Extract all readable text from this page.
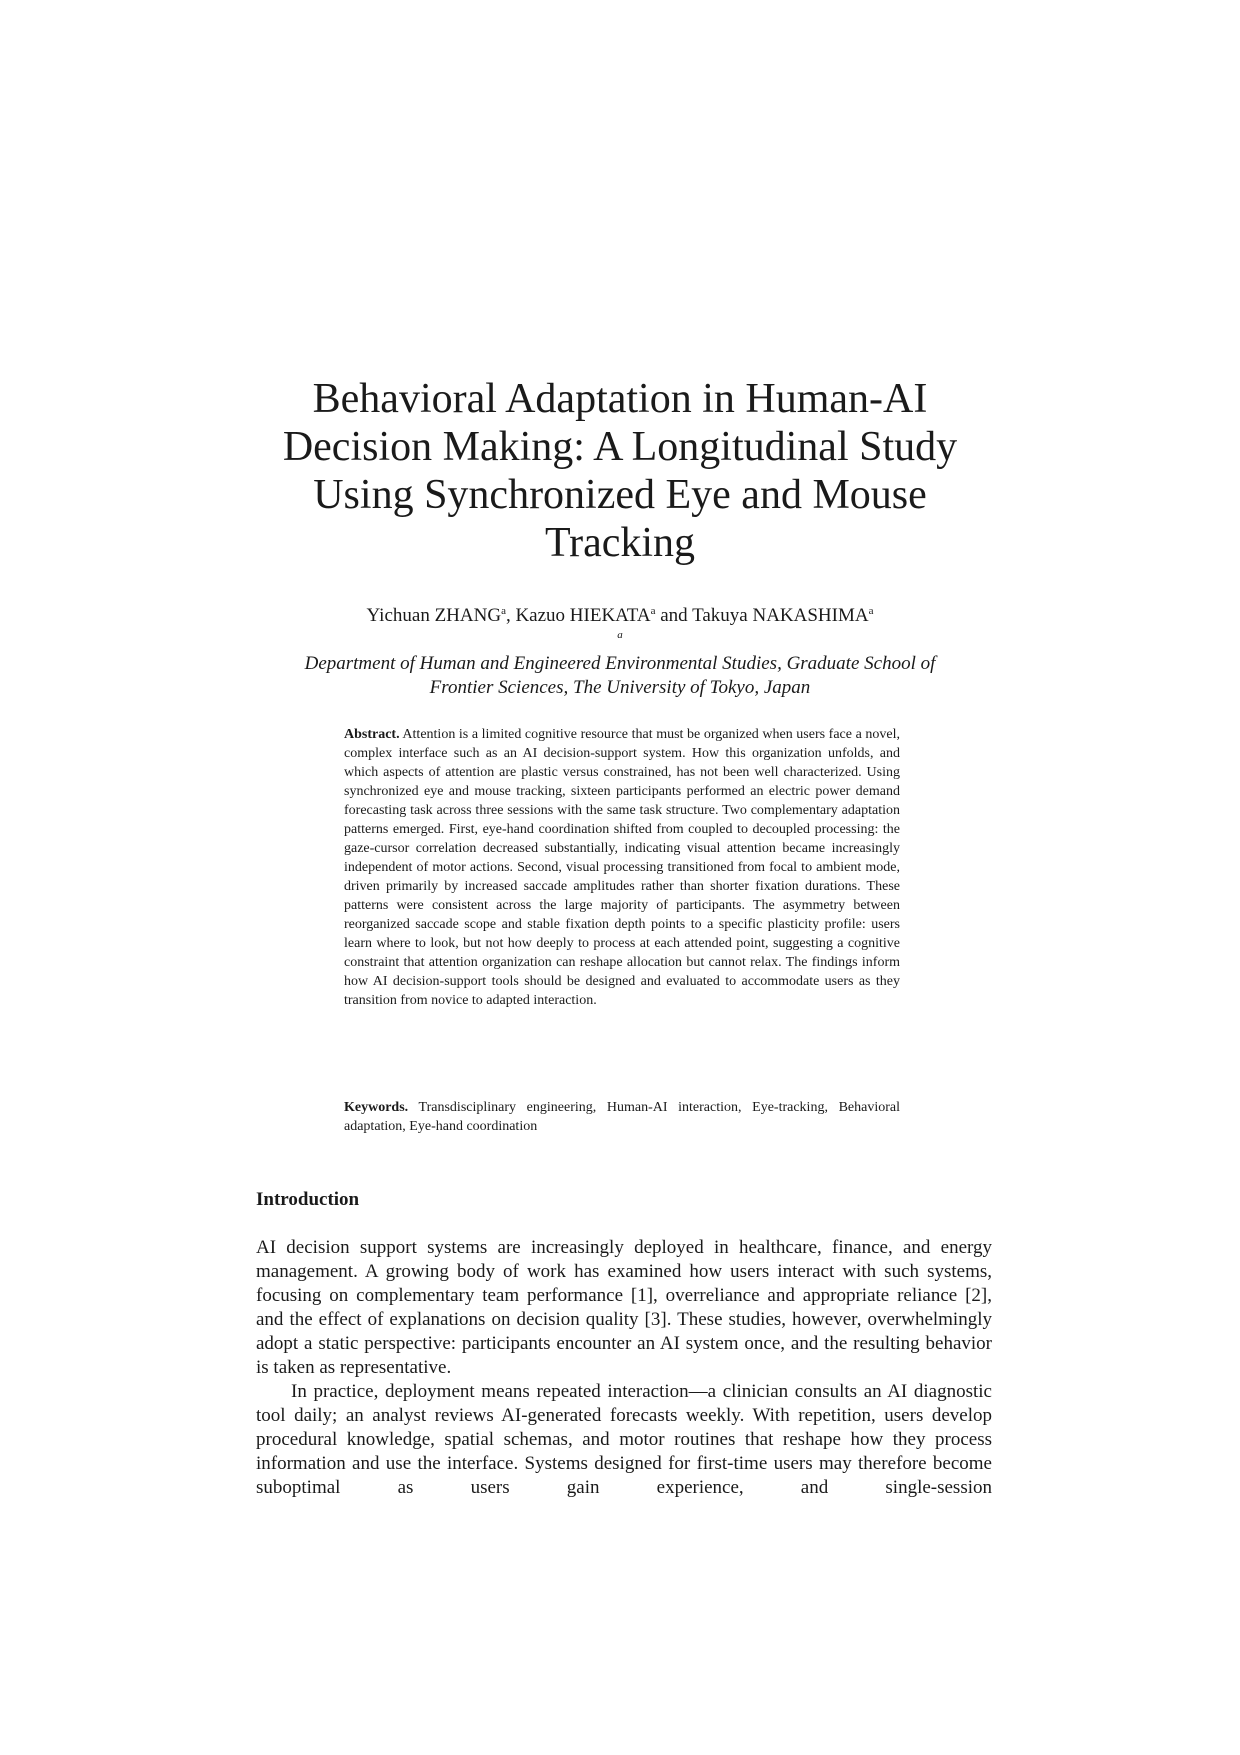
Behavioral Adaptation in Human-AI
Decision Making: A Longitudinal Study
Using Synchronized Eye and Mouse
Tracking
Yichuan ZHANG$^a$, Kazuo HIEKATA$^a$ and Takuya NAKASHIMA$^a$
$^a$
Department of Human and Engineered Environmental Studies, Graduate School of
Frontier Sciences, The University of Tokyo, Japan
Abstract. Attention is a limited cognitive resource that must be organized when users face a novel, complex interface such as an AI decision-support system. How this organization unfolds, and which aspects of attention are plastic versus constrained, has not been well characterized. Using synchronized eye and mouse tracking, sixteen participants performed an electric power demand forecasting task across three sessions with the same task structure. Two complementary adaptation patterns emerged. First, eye-hand coordination shifted from coupled to decoupled processing: the gaze-cursor correlation decreased substantially, indicating visual attention became increasingly independent of motor actions. Second, visual processing transitioned from focal to ambient mode, driven primarily by increased saccade amplitudes rather than shorter fixation durations. These patterns were consistent across the large majority of participants. The asymmetry between reorganized saccade scope and stable fixation depth points to a specific plasticity profile: users learn where to look, but not how deeply to process at each attended point, suggesting a cognitive constraint that attention organization can reshape allocation but cannot relax. The findings inform how AI decision-support tools should be designed and evaluated to accommodate users as they transition from novice to adapted interaction.
Keywords. Transdisciplinary engineering, Human-AI interaction, Eye-tracking, Behavioral adaptation, Eye-hand coordination
Introduction

AI decision support systems are increasingly deployed in healthcare, finance, and energy management. A growing body of work has examined how users interact with such systems, focusing on complementary team performance [1], overreliance and appropriate reliance [2], and the effect of explanations on decision quality [3]. These studies, however, overwhelmingly adopt a static perspective: participants encounter an AI system once, and the resulting behavior is taken as representative.

In practice, deployment means repeated interaction—a clinician consults an AI diagnostic tool daily; an analyst reviews AI-generated forecasts weekly. With repetition, users develop procedural knowledge, spatial schemas, and motor routines that reshape how they process information and use the interface. Systems designed for first-time users may therefore become suboptimal as users gain experience, and single-session
